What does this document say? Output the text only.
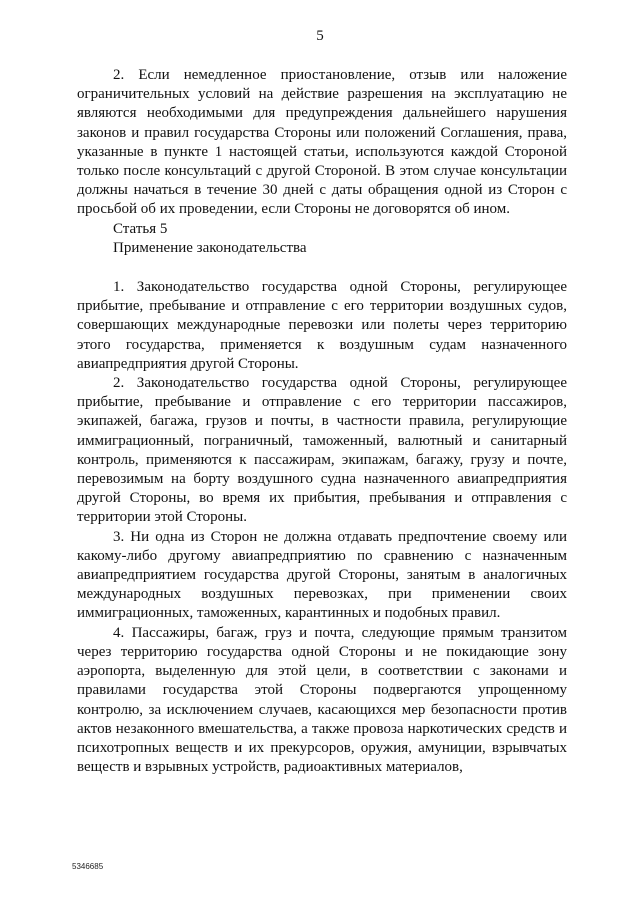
5

2. Если немедленное приостановление, отзыв или наложение ограничительных условий на действие разрешения на эксплуатацию не являются необходимыми для предупреждения дальнейшего нарушения законов и правил государства Стороны или положений Соглашения, права, указанные в пункте 1 настоящей статьи, используются каждой Стороной только после консультаций с другой Стороной. В этом случае консультации должны начаться в течение 30 дней с даты обращения одной из Сторон с просьбой об их проведении, если Стороны не договорятся об ином.

Статья 5

Применение законодательства

1. Законодательство государства одной Стороны, регулирующее прибытие, пребывание и отправление с его территории воздушных судов, совершающих международные перевозки или полеты через территорию этого государства, применяется к воздушным судам назначенного авиапредприятия другой Стороны.

2. Законодательство государства одной Стороны, регулирующее прибытие, пребывание и отправление с его территории пассажиров, экипажей, багажа, грузов и почты, в частности правила, регулирующие иммиграционный, пограничный, таможенный, валютный и санитарный контроль, применяются к пассажирам, экипажам, багажу, грузу и почте, перевозимым на борту воздушного судна назначенного авиапредприятия другой Стороны, во время их прибытия, пребывания и отправления с территории этой Стороны.

3. Ни одна из Сторон не должна отдавать предпочтение своему или какому-либо другому авиапредприятию по сравнению с назначенным авиапредприятием государства другой Стороны, занятым в аналогичных международных воздушных перевозках, при применении своих иммиграционных, таможенных, карантинных и подобных правил.

4. Пассажиры, багаж, груз и почта, следующие прямым транзитом через территорию государства одной Стороны и не покидающие зону аэропорта, выделенную для этой цели, в соответствии с законами и правилами государства этой Стороны подвергаются упрощенному контролю, за исключением случаев, касающихся мер безопасности против актов незаконного вмешательства, а также провоза наркотических средств и психотропных веществ и их прекурсоров, оружия, амуниции, взрывчатых веществ и взрывных устройств, радиоактивных материалов,

5346685
